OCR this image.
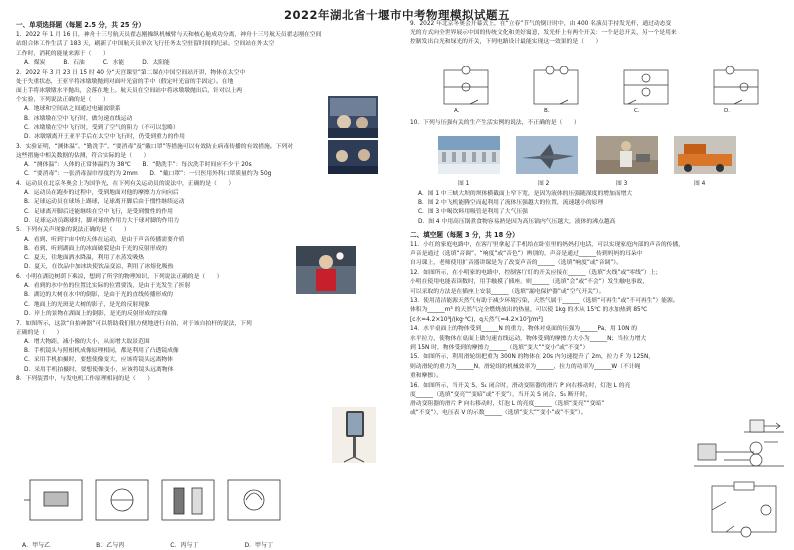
2022年湖北省十堰市中考物理模拟试题五
一、单项选择题（每题 2.5 分，共 25 分）
1．2022 年 1 月 16 日，神舟十三号航天员翟志刚操纵机械臂与天和核心舱成功分离，神舟十三号航天员翟志刚在空间
站组合体工作生活了 183 天，刷新了中国航天员单次飞行任务太空驻留时间的纪录。空间站在外太空
工作时，消耗的能量来源于（　　）
A．煤炭	B．石油	C．水能	D．太阳能
2．2022 年 3 月 23 日 15 时 40 分“天宫课堂”第二课在中国空间站开讲，物体在太空中
处于失重状态，王亚平将冰墩墩抛到对面叶光富的手中（假定叶光富的手固定）。在地
面上手将冰墩墩水平抛出，会落在地上。航天员在空间站中将冰墩墩抛出后，针对以上两
个实验，下列说法正确的是（　　）
A．地球和空间站之间通过电磁波联系
B．冰墩墩在空中飞行时，做匀速直线运动
C．冰墩墩在空中飞行时，受到了空气的阻力（不可以忽略）
D．冰墩墩离开王亚平手后在太空中飞行时，仍受到重力的作用
3．实验证明，“测体温”、“勤洗手”、“要消毒”及“戴口罩”等措施可以有效防止病毒传播的有效措施。下列对
这些措施中相关数据的估测，符合实际的是（　　）
A．“测体温”：人体的正常体温约为 38℃　　B．“勤洗手”：每次洗手时间应不少于 20s
C．“要消毒”：一张消毒湿巾厚度约为 2mm　　D．“戴口罩”：一只医用外科口罩质量约为 50g
4．运动员在北京冬奥会上为国争光，在下列有关运动员的说法中，正确的是（　　）
A．运动员在跑步的过程中，受到地面对他的摩擦力方向向后
B．足球运动员在球场上踢球，足球离开脚后由于惯性继续运动
C．足球离开脚后还能继续在空中飞行，是受到惯性的作用
D．足球运动员踢球时，脚对球的作用力大于球对脚的作用力
5．下列有关声现象的说法正确的是（　　）
A．看到、听到宇宙中的天体在运动，是由于声音传播需要介质
B．看到、听到湖面上的冰面破裂是由于光的反射形成的
C．夏天，往地面洒水降温，利用了水蒸发吸热
D．夏天，在饮品中加冰块使饮品变凉，利用了冰熔化吸热
6．小明在湖边树荫下乘凉，想到了所学的物理知识，下列说法正确的是（　　）
A．看到的水中鱼的位置比实际的位置要浅，是由于光发生了折射
B．湖边的大树在水中的倒影，是由于光的直线传播形成的
C．地面上的光斑是大树的影子，是光的反射现象
D．岸上的景物在湖面上的倒影，是光的反射形成的实像
7．如图所示，这款“自拍神器”可以帮助我们很方便地进行自拍，对于该自拍杆的说法，下列
正确的是（　　）
A．增大物距，减小像的大小，从而增大取景范围
B．手机镜头与照相机成像原理相同，都是利用了凸透镜成像
C．采用手机拍摄时，要想使像变大，应该将镜头远离物体
D．采用手机拍摄时，要想使像变小，应该将镜头远离物体
8．下列装置中，与发电机工作原理相同的是（　　）
A．甲与乙	B．乙与丙	C．丙与丁	D．甲与丁
9．2022 年北京冬奥会开幕式上，在“立春”节气的倒计时中，由 400 名演员手持发光杆，通过动态变
光的方式向全世界展示中国的传统文化和美好寓意，发光杆上有两个开关：一个是总开关，另一个是用来
控制发出白光和绿光的开关，下列电路设计最能实现这一效果的是（　　）
A．	B．	C．	D．
10．下列与压强有关的生产生活实例的说法，不正确的是（　　）
图 1	图 2	图 3	图 4
A．图 1 中三峡大坝的坝体横截面上窄下宽，是因为液体的压强随深度的增加而增大
B．图 2 中飞机能腾空而起利用了流体压强越大的位置，流速越小的原理
C．图 3 中喝饮料用吸管是利用了大气压强
D．图 4 中用高压锅煮食物容易熟是因为高压锅内气压越大，液体的沸点越高
二、填空题（每题 3 分，共 18 分）
11．小红的家庭电路中，在客厅里拿起了手机给在卧室里的妈妈打电话，可以实现家庭内部的声音的传播，
声音是通过（选填“音调”、“响度”或“音色”）辨别的，声音是通过______传到妈妈的耳朵中
自习课上，老师使用扩音器讲课是为了改变声音的______（选填“响度”或“音调”）。
12．如图所示，在小明家的电路中，控制客厅灯的开关应接在______（选填“火线”或“零线”）上；
小明在使用电能表读数时，用手触摸了插座，则______（选填“会”或“不会”）发生触电事故，
可以采取的方法是在插座上安装______（选填“漏电保护器”或“空气开关”）。
13．使用清洁能源天然气有助于减少环境污染，天然气属于______（选填“可再生”或“不可再生”）能源。
体积为______m³ 的天然气完全燃烧放出的热量，可以使 1kg 的水从 15℃ 的水加热到 85℃
[c水=4.2×10³J/(kg·℃)，q天然气=4.2×10⁷J/m³]
14．水平桌面上的物体受到______N 的重力，物体对桌面的压强为______Pa，用 10N 的
水平拉力，使物体在桌面上做匀速直线运动，物体受到的摩擦力大小为______N；当拉力增大
到 15N 时，物体受到的摩擦力______（选填“变大”“变小”或“不变”）
15．如图所示，利用滑轮组把重为 300N 的物体在 20s 内匀速提升了 2m，拉力 F 为 125N，
则动滑轮的重力为______N，滑轮组的机械效率为______，拉力的功率为______W（不计绳
重和摩擦）。
16．如图所示，当开关 S、S₁ 闭合时，滑动变阻器的滑片 P 向右移动时，灯泡 L 的亮
度______（选填“变亮”“变暗”或“不变”），当开关 S 闭合、S₁ 断开时，
滑动变阻器的滑片 P 向右移动时，灯泡 L 的亮度______（选填“变亮”“变暗”
或“不变”），电压表 V 的示数______（选填“变大”“变小”或“不变”）。
